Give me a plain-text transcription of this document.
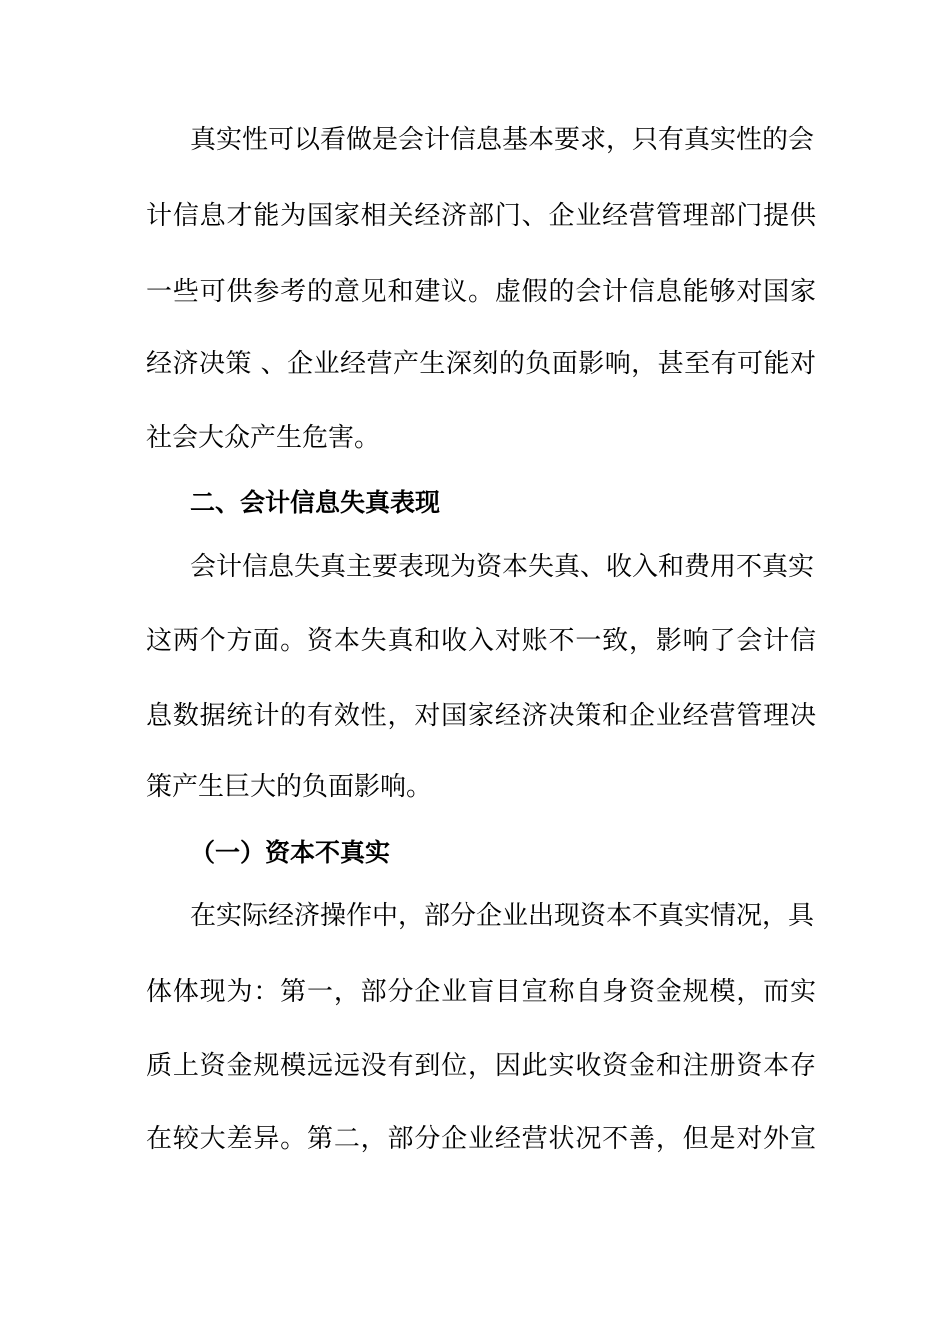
真实性可以看做是会计信息基本要求，只有真实性的会
计信息才能为国家相关经济部门、企业经营管理部门提供
一些可供参考的意见和建议。虚假的会计信息能够对国家
经济决策 、企业经营产生深刻的负面影响，甚至有可能对
社会大众产生危害。
二、会计信息失真表现
会计信息失真主要表现为资本失真、收入和费用不真实
这两个方面。资本失真和收入对账不一致，影响了会计信
息数据统计的有效性，对国家经济决策和企业经营管理决
策产生巨大的负面影响。
（一）资本不真实
在实际经济操作中，部分企业出现资本不真实情况，具
体体现为：第一，部分企业盲目宣称自身资金规模，而实
质上资金规模远远没有到位，因此实收资金和注册资本存
在较大差异。第二，部分企业经营状况不善，但是对外宣
